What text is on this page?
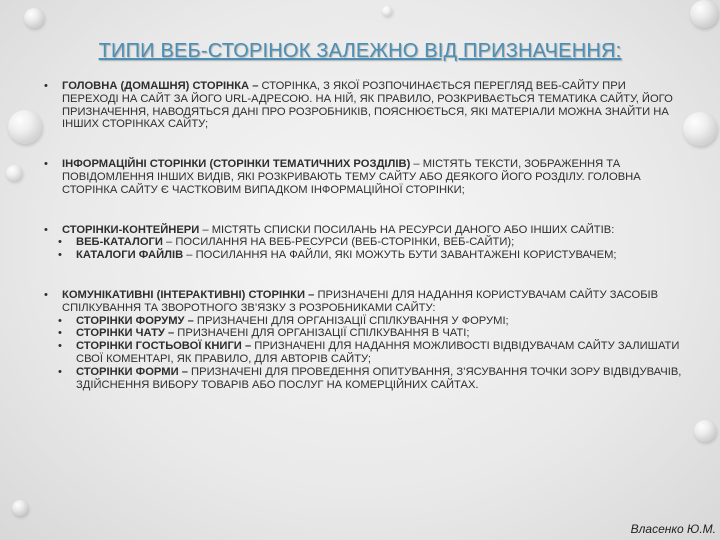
ТИПИ ВЕБ-СТОРІНОК ЗАЛЕЖНО ВІД ПРИЗНАЧЕННЯ:
• ГОЛОВНА (ДОМАШНЯ) СТОРІНКА – СТОРІНКА, З ЯКОЇ РОЗПОЧИНАЄТЬСЯ ПЕРЕГЛЯД ВЕБ-САЙТУ ПРИ ПЕРЕХОДІ НА САЙТ ЗА ЙОГО URL-АДРЕСОЮ. НА НІЙ, ЯК ПРАВИЛО, РОЗКРИВАЄТЬСЯ ТЕМАТИКА САЙТУ, ЙОГО ПРИЗНАЧЕННЯ, НАВОДЯТЬСЯ ДАНІ ПРО РОЗРОБНИКІВ, ПОЯСНЮЄТЬСЯ, ЯКІ МАТЕРІАЛИ МОЖНА ЗНАЙТИ НА ІНШИХ СТОРІНКАХ САЙТУ;
• ІНФОРМАЦІЙНІ СТОРІНКИ (СТОРІНКИ ТЕМАТИЧНИХ РОЗДІЛІВ) – МІСТЯТЬ ТЕКСТИ, ЗОБРАЖЕННЯ ТА ПОВІДОМЛЕННЯ ІНШИХ ВИДІВ, ЯКІ РОЗКРИВАЮТЬ ТЕМУ САЙТУ АБО ДЕЯКОГО ЙОГО РОЗДІЛУ. ГОЛОВНА СТОРІНКА САЙТУ Є ЧАСТКОВИМ ВИПАДКОМ ІНФОРМАЦІЙНОЇ СТОРІНКИ;
• СТОРІНКИ-КОНТЕЙНЕРИ – МІСТЯТЬ СПИСКИ ПОСИЛАНЬ НА РЕСУРСИ ДАНОГО АБО ІНШИХ САЙТІВ:
• ВЕБ-КАТАЛОГИ – ПОСИЛАННЯ НА ВЕБ-РЕСУРСИ (ВЕБ-СТОРІНКИ, ВЕБ-САЙТИ);
• КАТАЛОГИ ФАЙЛІВ – ПОСИЛАННЯ НА ФАЙЛИ, ЯКІ МОЖУТЬ БУТИ ЗАВАНТАЖЕНІ КОРИСТУВАЧЕМ;
• КОМУНІКАТИВНІ (ІНТЕРАКТИВНІ) СТОРІНКИ – ПРИЗНАЧЕНІ ДЛЯ НАДАННЯ КОРИСТУВАЧАМ САЙТУ ЗАСОБІВ СПІЛКУВАННЯ ТА ЗВОРОТНОГО ЗВ’ЯЗКУ З РОЗРОБНИКАМИ САЙТУ:
• СТОРІНКИ ФОРУМУ – ПРИЗНАЧЕНІ ДЛЯ ОРГАНІЗАЦІЇ СПІЛКУВАННЯ У ФОРУМІ;
• СТОРІНКИ ЧАТУ – ПРИЗНАЧЕНІ ДЛЯ ОРГАНІЗАЦІЇ СПІЛКУВАННЯ В ЧАТІ;
• СТОРІНКИ ГОСТЬОВОЇ КНИГИ – ПРИЗНАЧЕНІ ДЛЯ НАДАННЯ МОЖЛИВОСТІ ВІДВІДУВАЧАМ САЙТУ ЗАЛИШАТИ СВОЇ КОМЕНТАРІ, ЯК ПРАВИЛО, ДЛЯ АВТОРІВ САЙТУ;
• СТОРІНКИ ФОРМИ – ПРИЗНАЧЕНІ ДЛЯ ПРОВЕДЕННЯ ОПИТУВАННЯ, З’ЯСУВАННЯ ТОЧКИ ЗОРУ ВІДВІДУВАЧІВ, ЗДІЙСНЕННЯ ВИБОРУ ТОВАРІВ АБО ПОСЛУГ НА КОМЕРЦІЙНИХ САЙТАХ.
Власенко Ю.М.
